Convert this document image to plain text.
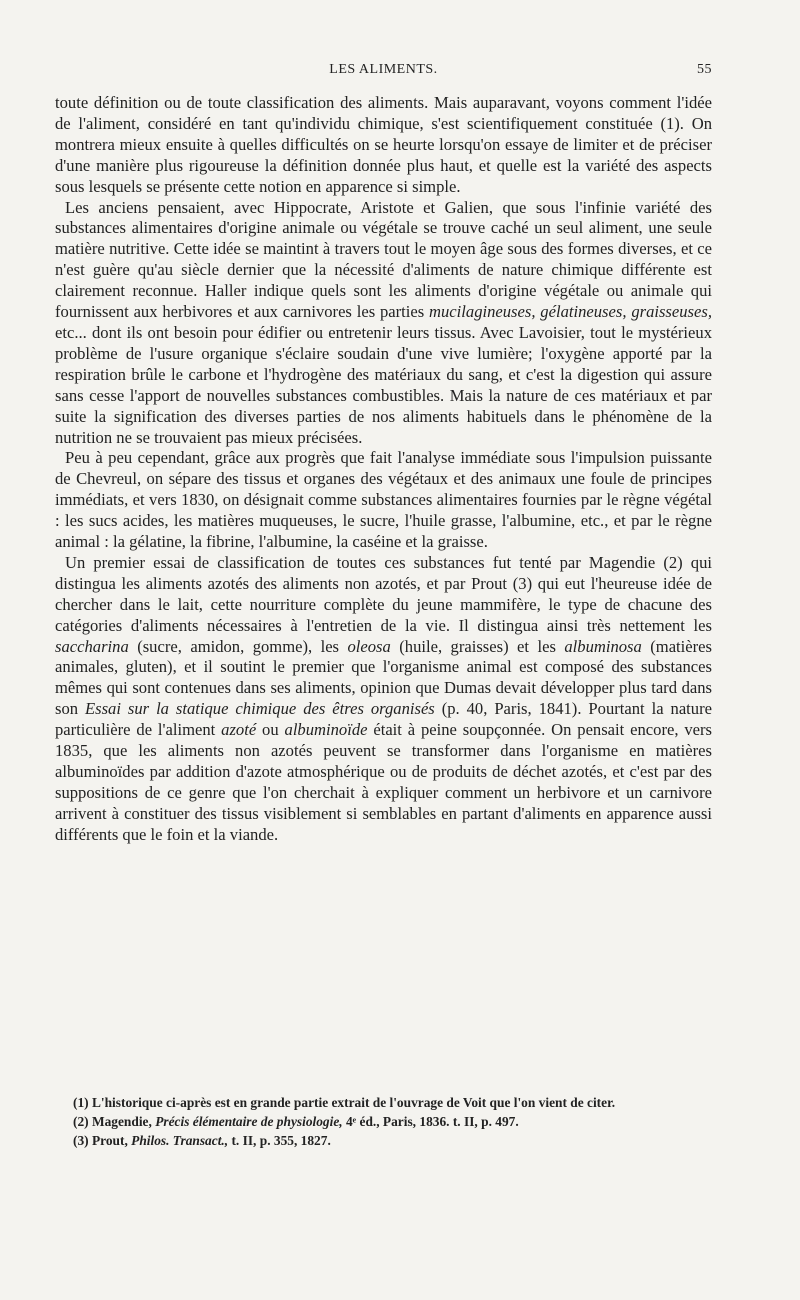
LES ALIMENTS.	55

toute définition ou de toute classification des aliments. Mais auparavant, voyons comment l'idée de l'aliment, considéré en tant qu'individu chimique, s'est scientifiquement constituée (1). On montrera mieux ensuite à quelles difficultés on se heurte lorsqu'on essaye de limiter et de préciser d'une manière plus rigoureuse la définition donnée plus haut, et quelle est la variété des aspects sous lesquels se présente cette notion en apparence si simple.

Les anciens pensaient, avec Hippocrate, Aristote et Galien, que sous l'infinie variété des substances alimentaires d'origine animale ou végétale se trouve caché un seul aliment, une seule matière nutritive. Cette idée se maintint à travers tout le moyen âge sous des formes diverses, et ce n'est guère qu'au siècle dernier que la nécessité d'aliments de nature chimique différente est clairement reconnue. Haller indique quels sont les aliments d'origine végétale ou animale qui fournissent aux herbivores et aux carnivores les parties mucilagineuses, gélatineuses, graisseuses, etc... dont ils ont besoin pour édifier ou entretenir leurs tissus. Avec Lavoisier, tout le mystérieux problème de l'usure organique s'éclaire soudain d'une vive lumière; l'oxygène apporté par la respiration brûle le carbone et l'hydrogène des matériaux du sang, et c'est la digestion qui assure sans cesse l'apport de nouvelles substances combustibles. Mais la nature de ces matériaux et par suite la signification des diverses parties de nos aliments habituels dans le phénomène de la nutrition ne se trouvaient pas mieux précisées.

Peu à peu cependant, grâce aux progrès que fait l'analyse immédiate sous l'impulsion puissante de Chevreul, on sépare des tissus et organes des végétaux et des animaux une foule de principes immédiats, et vers 1830, on désignait comme substances alimentaires fournies par le règne végétal : les sucs acides, les matières muqueuses, le sucre, l'huile grasse, l'albumine, etc., et par le règne animal : la gélatine, la fibrine, l'albumine, la caséine et la graisse.

Un premier essai de classification de toutes ces substances fut tenté par Magendie (2) qui distingua les aliments azotés des aliments non azotés, et par Prout (3) qui eut l'heureuse idée de chercher dans le lait, cette nourriture complète du jeune mammifère, le type de chacune des catégories d'aliments nécessaires à l'entretien de la vie. Il distingua ainsi très nettement les saccharina (sucre, amidon, gomme), les oleosa (huile, graisses) et les albuminosa (matières animales, gluten), et il soutint le premier que l'organisme animal est composé des substances mêmes qui sont contenues dans ses aliments, opinion que Dumas devait développer plus tard dans son Essai sur la statique chimique des êtres organisés (p. 40, Paris, 1841). Pourtant la nature particulière de l'aliment azoté ou albuminoïde était à peine soupçonnée. On pensait encore, vers 1835, que les aliments non azotés peuvent se transformer dans l'organisme en matières albuminoïdes par addition d'azote atmosphérique ou de produits de déchet azotés, et c'est par des suppositions de ce genre que l'on cherchait à expliquer comment un herbivore et un carnivore arrivent à constituer des tissus visiblement si semblables en partant d'aliments en apparence aussi différents que le foin et la viande.

(1) L'historique ci-après est en grande partie extrait de l'ouvrage de Voit que l'on vient de citer.

(2) Magendie, Précis élémentaire de physiologie, 4ᵉ éd., Paris, 1836. t. II, p. 497.

(3) Prout, Philos. Transact., t. II, p. 355, 1827.
